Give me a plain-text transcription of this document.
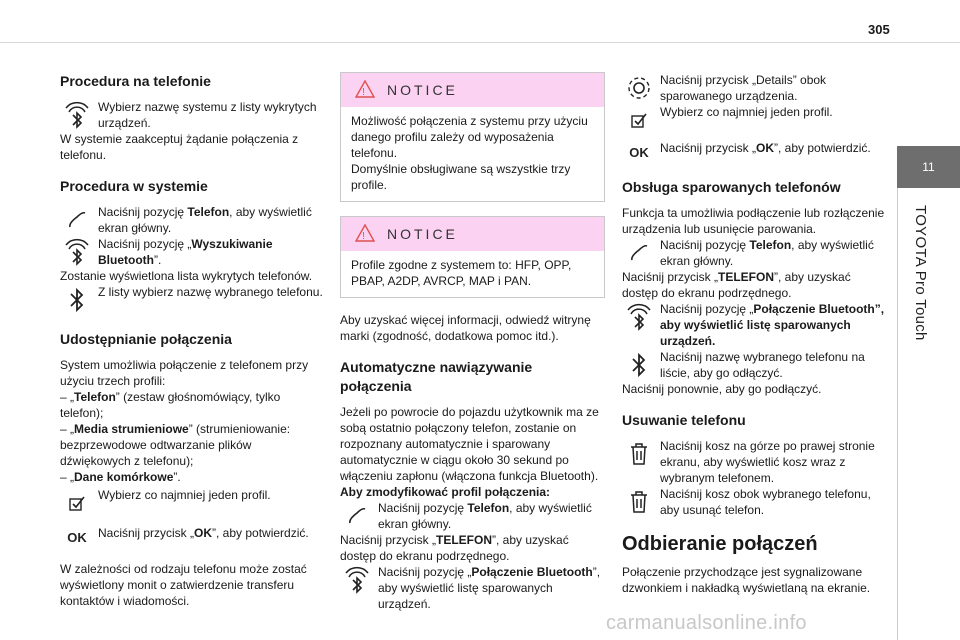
305
11
TOYOTA Pro Touch
Procedura na telefonie

Wybierz nazwę systemu z listy wykrytych urządzeń.

W systemie zaakceptuj żądanie połączenia z telefonu.

Procedura w systemie

Naciśnij pozycję Telefon, aby wyświetlić ekran główny.

Naciśnij pozycję „Wyszukiwanie Bluetooth”.

Zostanie wyświetlona lista wykrytych telefonów.

Z listy wybierz nazwę wybranego telefonu.

Udostępnianie połączenia

System umożliwia połączenie z telefonem przy użyciu trzech profili:

– „Telefon” (zestaw głośnomówiący, tylko telefon);

– „Media strumieniowe” (strumieniowanie: bezprzewodowe odtwarzanie plików dźwiękowych z telefonu);

– „Dane komórkowe”.

Wybierz co najmniej jeden profil.

OK Naciśnij przycisk „OK”, aby potwierdzić.

W zależności od rodzaju telefonu może zostać wyświetlony monit o zatwierdzenie transferu kontaktów i wiadomości.

! NOTICE

Możliwość połączenia z systemu przy użyciu danego profilu zależy od wyposażenia telefonu.

Domyślnie obsługiwane są wszystkie trzy profile.

! NOTICE

Profile zgodne z systemem to: HFP, OPP, PBAP, A2DP, AVRCP, MAP i PAN.

Aby uzyskać więcej informacji, odwiedź witrynę marki (zgodność, dodatkowa pomoc itd.).

Automatyczne nawiązywanie połączenia

Jeżeli po powrocie do pojazdu użytkownik ma ze sobą ostatnio połączony telefon, zostanie on rozpoznany automatycznie i sparowany automatycznie w ciągu około 30 sekund po włączeniu zapłonu (włączona funkcja Bluetooth).

Aby zmodyfikować profil połączenia:

Naciśnij pozycję Telefon, aby wyświetlić ekran główny.

Naciśnij przycisk „TELEFON”, aby uzyskać dostęp do ekranu podrzędnego.

Naciśnij pozycję „Połączenie Bluetooth”, aby wyświetlić listę sparowanych urządzeń.

Naciśnij przycisk „Details” obok sparowanego urządzenia.

Wybierz co najmniej jeden profil.

OK Naciśnij przycisk „OK”, aby potwierdzić.

Obsługa sparowanych telefonów

Funkcja ta umożliwia podłączenie lub rozłączenie urządzenia lub usunięcie parowania.

Naciśnij pozycję Telefon, aby wyświetlić ekran główny.

Naciśnij przycisk „TELEFON”, aby uzyskać dostęp do ekranu podrzędnego.

Naciśnij pozycję „Połączenie Bluetooth”, aby wyświetlić listę sparowanych urządzeń.

Naciśnij nazwę wybranego telefonu na liście, aby go odłączyć.

Naciśnij ponownie, aby go podłączyć.

Usuwanie telefonu

Naciśnij kosz na górze po prawej stronie ekranu, aby wyświetlić kosz wraz z wybranym telefonem.

Naciśnij kosz obok wybranego telefonu, aby usunąć telefon.

Odbieranie połączeń

Połączenie przychodzące jest sygnalizowane dzwonkiem i nakładką wyświetlaną na ekranie.

carmanualsonline.info
